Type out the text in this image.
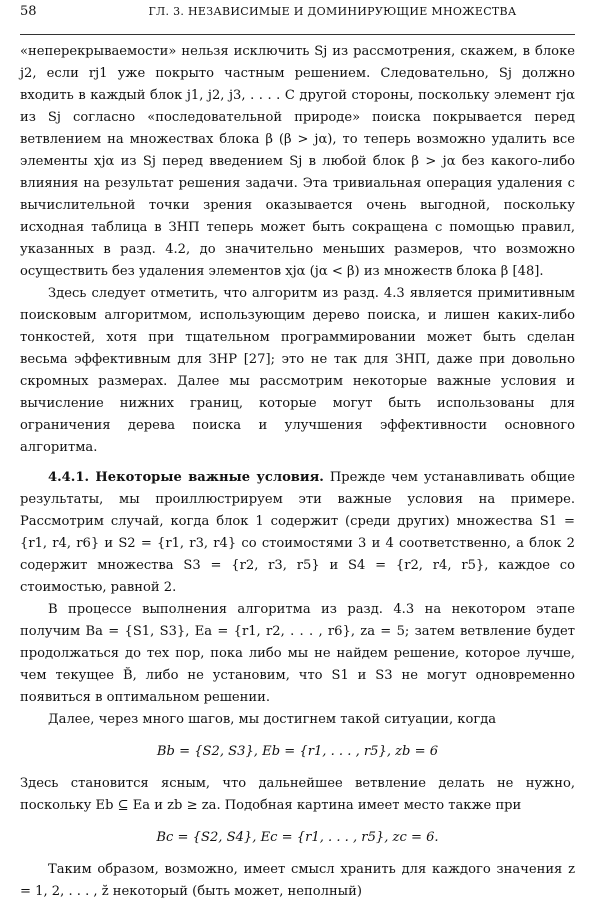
58	ГЛ. 3. НЕЗАВИСИМЫЕ И ДОМИНИРУЮЩИЕ МНОЖЕСТВА

«неперекрываемости» нельзя исключить Sj из рассмотрения, скажем, в блоке j2, если rj1 уже покрыто частным решением. Следовательно, Sj должно входить в каждый блок j1, j2, j3, . . . . С другой стороны, поскольку элемент rjα из Sj согласно «последовательной природе» поиска покрывается перед ветвлением на множествах блока β (β > jα), то теперь возможно удалить все элементы xjα из Sj перед введением Sj в любой блок β > jα без какого-либо влияния на результат решения задачи. Эта тривиальная операция удаления с вычислительной точки зрения оказывается очень выгодной, поскольку исходная таблица в ЗНП теперь может быть сокращена с помощью правил, указанных в разд. 4.2, до значительно меньших размеров, что возможно осуществить без удаления элементов xjα (jα < β) из множеств блока β [48].

Здесь следует отметить, что алгоритм из разд. 4.3 является примитивным поисковым алгоритмом, использующим дерево поиска, и лишен каких-либо тонкостей, хотя при тщательном программировании может быть сделан весьма эффективным для ЗНР [27]; это не так для ЗНП, даже при довольно скромных размерах. Далее мы рассмотрим некоторые важные условия и вычисление нижних границ, которые могут быть использованы для ограничения дерева поиска и улучшения эффективности основного алгоритма.

4.4.1. Некоторые важные условия. Прежде чем устанавливать общие результаты, мы проиллюстрируем эти важные условия на примере. Рассмотрим случай, когда блок 1 содержит (среди других) множества S1 = {r1, r4, r6} и S2 = {r1, r3, r4} со стоимостями 3 и 4 соответственно, а блок 2 содержит множества S3 = {r2, r3, r5} и S4 = {r2, r4, r5}, каждое со стоимостью, равной 2.

В процессе выполнения алгоритма из разд. 4.3 на некотором этапе получим Ba = {S1, S3}, Ea = {r1, r2, . . . , r6}, za = 5; затем ветвление будет продолжаться до тех пор, пока либо мы не найдем решение, которое лучше, чем текущее B̆, либо не установим, что S1 и S3 не могут одновременно появиться в оптимальном решении.

Далее, через много шагов, мы достигнем такой ситуации, когда

Bb = {S2, S3}, Eb = {r1, . . . , r5}, zb = 6

Здесь становится ясным, что дальнейшее ветвление делать не нужно, поскольку Eb ⊆ Ea и zb ≥ za. Подобная картина имеет место также при

Bc = {S2, S4}, Ec = {r1, . . . , r5}, zc = 6.

Таким образом, возможно, имеет смысл хранить для каждого значения z = 1, 2, . . . , z̆ некоторый (быть может, неполный)
